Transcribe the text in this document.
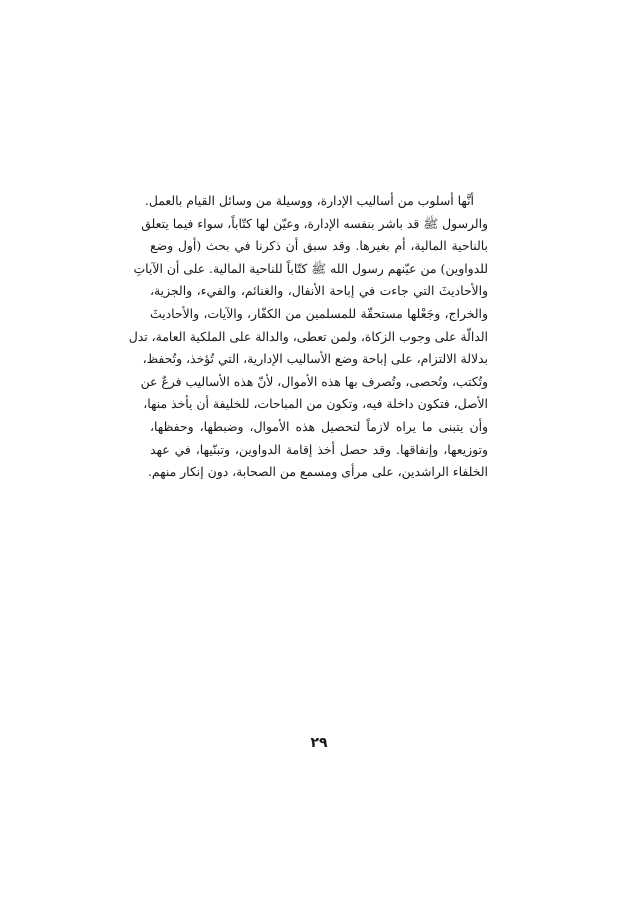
أنَّها أسلوب من أساليب الإدارة، ووسيلة من وسائل القيام بالعمل.
والرسول ﷺ قد باشر بنفسه الإدارة، وعيّن لها كتّاباً، سواء فيما يتعلق
بالناحية المالية، أم بغيرها. وقد سبق أن ذكرنا في بحث (أول وضع
للدواوين) من عيّنهم رسول الله ﷺ كتّاباً للناحية المالية. على أن الآياتِ
والأحاديثَ التي جاءت في إباحة الأنفال، والغنائم، والفيء، والجزية،
والخراج، وجَعْلها مستحقّة للمسلمين من الكفّار، والآيات، والأحاديثَ
الدالّة على وجوب الزكاة، ولمن تعطى، والدالة على الملكية العامة، تدل
بدلالة الالتزام، على إباحة وضع الأساليب الإدارية، التي تُؤخذ، وتُحفظ،
وتُكتب، وتُحصى، وتُصرف بها هذه الأموال، لأنّ هذه الأساليب فرعٌ عن
الأصل، فتكون داخلة فيه، وتكون من المباحات، للخليفة أن يأخذ منها،
وأن يتبنى ما يراه لازماً لتحصيل هذه الأموال، وضبطها، وحفظها،
وتوزيعها، وإنفاقها. وقد حصل أخذ إقامة الدواوين، وتبنّيها، في عهد
الخلفاء الراشدين، على مرأى ومسمع من الصحابة، دون إنكار منهم.
٢٩
